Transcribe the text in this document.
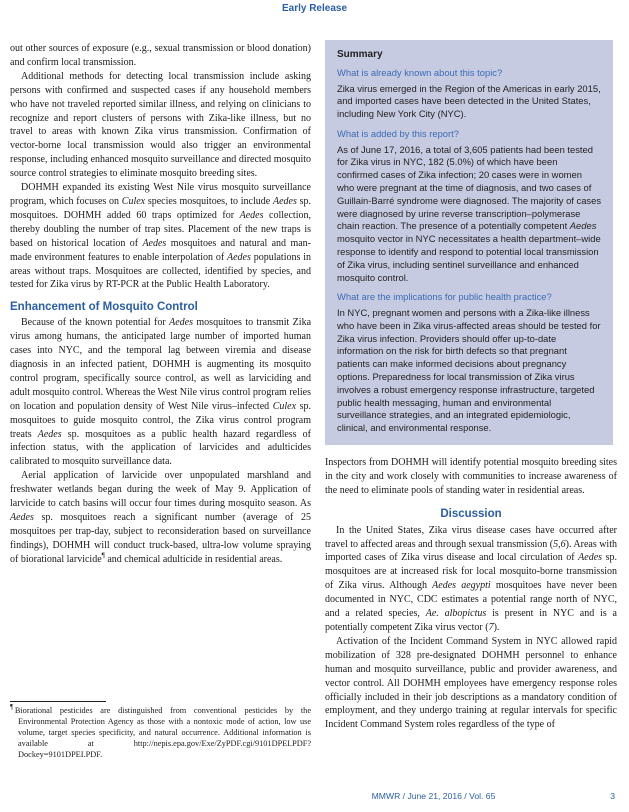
Early Release

out other sources of exposure (e.g., sexual transmission or blood donation) and confirm local transmission.

Additional methods for detecting local transmission include asking persons with confirmed and suspected cases if any household members who have not traveled reported similar illness, and relying on clinicians to recognize and report clusters of persons with Zika-like illness, but no travel to areas with known Zika virus transmission. Confirmation of vector-borne local transmission would also trigger an environmental response, including enhanced mosquito surveillance and directed mosquito source control strategies to eliminate mosquito breeding sites.

DOHMH expanded its existing West Nile virus mosquito surveillance program, which focuses on Culex species mosquitoes, to include Aedes sp. mosquitoes. DOHMH added 60 traps optimized for Aedes collection, thereby doubling the number of trap sites. Placement of the new traps is based on historical location of Aedes mosquitoes and natural and man-made environment features to enable interpolation of Aedes populations in areas without traps. Mosquitoes are collected, identified by species, and tested for Zika virus by RT-PCR at the Public Health Laboratory.

Enhancement of Mosquito Control

Because of the known potential for Aedes mosquitoes to transmit Zika virus among humans, the anticipated large number of imported human cases into NYC, and the temporal lag between viremia and disease diagnosis in an infected patient, DOHMH is augmenting its mosquito control program, specifically source control, as well as larviciding and adult mosquito control. Whereas the West Nile virus control program relies on location and population density of West Nile virus–infected Culex sp. mosquitoes to guide mosquito control, the Zika virus control program treats Aedes sp. mosquitoes as a public health hazard regardless of infection status, with the application of larvicides and adulticides calibrated to mosquito surveillance data.

Aerial application of larvicide over unpopulated marshland and freshwater wetlands began during the week of May 9. Application of larvicide to catch basins will occur four times during mosquito season. As Aedes sp. mosquitoes reach a significant number (average of 25 mosquitoes per trap-day, subject to reconsideration based on surveillance findings), DOHMH will conduct truck-based, ultra-low volume spraying of biorational larvicide¶ and chemical adulticide in residential areas.

¶ Biorational pesticides are distinguished from conventional pesticides by the Environmental Protection Agency as those with a nontoxic mode of action, low use volume, target species specificity, and natural occurrence. Additional information is available at http://nepis.epa.gov/Exe/ZyPDF.cgi/9101DPEI.PDF?Dockey=9101DPEI.PDF.

Summary

What is already known about this topic?

Zika virus emerged in the Region of the Americas in early 2015, and imported cases have been detected in the United States, including New York City (NYC).

What is added by this report?

As of June 17, 2016, a total of 3,605 patients had been tested for Zika virus in NYC, 182 (5.0%) of which have been confirmed cases of Zika infection; 20 cases were in women who were pregnant at the time of diagnosis, and two cases of Guillain-Barré syndrome were diagnosed. The majority of cases were diagnosed by urine reverse transcription–polymerase chain reaction. The presence of a potentially competent Aedes mosquito vector in NYC necessitates a health department–wide response to identify and respond to potential local transmission of Zika virus, including sentinel surveillance and enhanced mosquito control.

What are the implications for public health practice?

In NYC, pregnant women and persons with a Zika-like illness who have been in Zika virus-affected areas should be tested for Zika virus infection. Providers should offer up-to-date information on the risk for birth defects so that pregnant patients can make informed decisions about pregnancy options. Preparedness for local transmission of Zika virus involves a robust emergency response infrastructure, targeted public health messaging, human and environmental surveillance strategies, and an integrated epidemiologic, clinical, and environmental response.

Inspectors from DOHMH will identify potential mosquito breeding sites in the city and work closely with communities to increase awareness of the need to eliminate pools of standing water in residential areas.

Discussion

In the United States, Zika virus disease cases have occurred after travel to affected areas and through sexual transmission (5,6). Areas with imported cases of Zika virus disease and local circulation of Aedes sp. mosquitoes are at increased risk for local mosquito-borne transmission of Zika virus. Although Aedes aegypti mosquitoes have never been documented in NYC, CDC estimates a potential range north of NYC, and a related species, Ae. albopictus is present in NYC and is a potentially competent Zika virus vector (7).

Activation of the Incident Command System in NYC allowed rapid mobilization of 328 pre-designated DOHMH personnel to enhance human and mosquito surveillance, public and provider awareness, and vector control. All DOHMH employees have emergency response roles officially included in their job descriptions as a mandatory condition of employment, and they undergo training at regular intervals for specific Incident Command System roles regardless of the type of

MMWR / June 21, 2016 / Vol. 65	3
